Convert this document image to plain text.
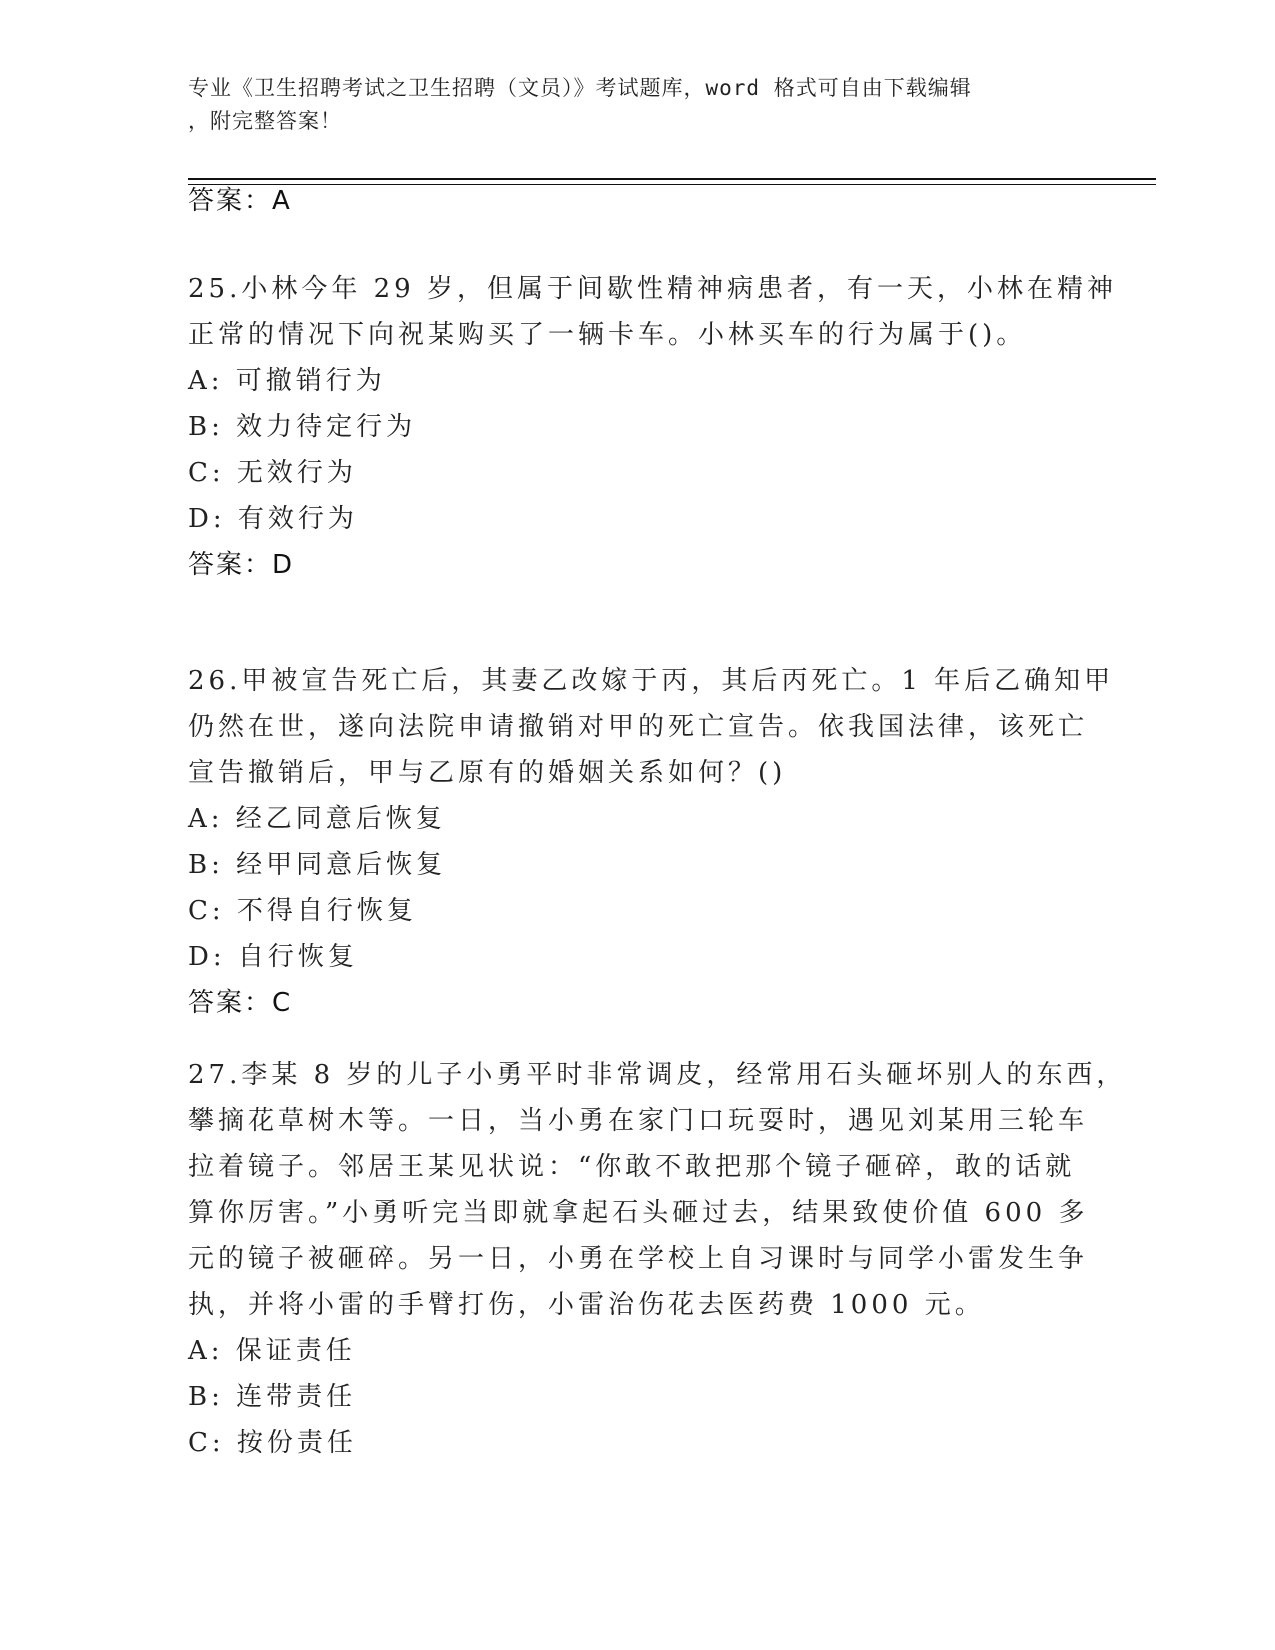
专业《卫生招聘考试之卫生招聘（文员）》考试题库，word 格式可自由下载编辑
，附完整答案！
答案：A
25.小林今年 29 岁，但属于间歇性精神病患者，有一天，小林在精神
正常的情况下向祝某购买了一辆卡车。小林买车的行为属于()。
A: 可撤销行为
B: 效力待定行为
C: 无效行为
D: 有效行为
答案：D
26.甲被宣告死亡后，其妻乙改嫁于丙，其后丙死亡。1 年后乙确知甲
仍然在世，遂向法院申请撤销对甲的死亡宣告。依我国法律，该死亡
宣告撤销后，甲与乙原有的婚姻关系如何？()
A: 经乙同意后恢复
B: 经甲同意后恢复
C: 不得自行恢复
D: 自行恢复
答案：C
27.李某 8 岁的儿子小勇平时非常调皮，经常用石头砸坏别人的东西，
攀摘花草树木等。一日，当小勇在家门口玩耍时，遇见刘某用三轮车
拉着镜子。邻居王某见状说：“你敢不敢把那个镜子砸碎，敢的话就
算你厉害。”小勇听完当即就拿起石头砸过去，结果致使价值 600 多
元的镜子被砸碎。另一日，小勇在学校上自习课时与同学小雷发生争
执，并将小雷的手臂打伤，小雷治伤花去医药费 1000 元。
A: 保证责任
B: 连带责任
C: 按份责任
